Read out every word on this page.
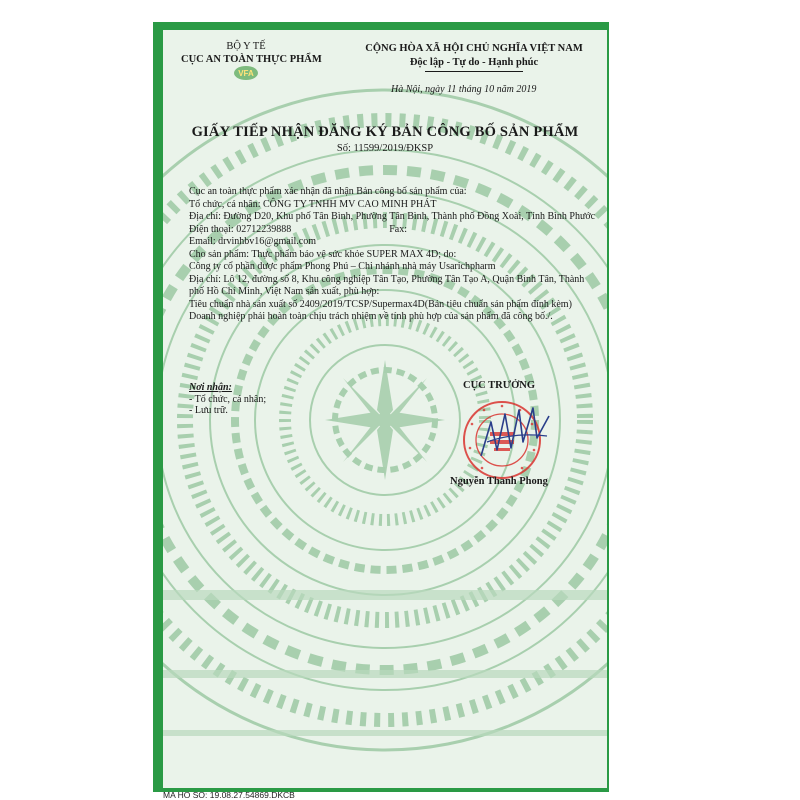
BỘ Y TẾ
CỤC AN TOÀN THỰC PHẨM
VFA
CỘNG HÒA XÃ HỘI CHỦ NGHĨA VIỆT NAM
Độc lập - Tự do - Hạnh phúc
Hà Nội, ngày 11 tháng 10 năm 2019
GIẤY TIẾP NHẬN ĐĂNG KÝ BẢN CÔNG BỐ SẢN PHẨM
Số: 11599/2019/ĐKSP

Cục an toàn thực phẩm xác nhận đã nhận Bản công bố sản phẩm của:

Tổ chức, cá nhân: CÔNG TY TNHH MV CAO MINH PHÁT

Địa chỉ: Đường D20, Khu phố Tân Bình, Phường Tân Bình, Thành phố Đồng Xoài, Tỉnh Bình Phước

Điện thoại: 02712239888	Fax:

Email: drvinhbv16@gmail.com

Cho sản phẩm: Thực phẩm bảo vệ sức khỏe SUPER MAX 4D; do:

Công ty cổ phần dược phẩm Phong Phú – Chi nhánh nhà máy Usarichpharm

Địa chỉ: Lô 12, đường số 8, Khu công nghiệp Tân Tạo, Phường Tân Tạo A, Quận Bình Tân, Thành phố Hồ Chí Minh, Việt Nam sản xuất, phù hợp:

Tiêu chuẩn nhà sản xuất số 2409/2019/TCSP/Supermax4D(Bản tiêu chuẩn sản phẩm đính kèm)

Doanh nghiệp phải hoàn toàn chịu trách nhiệm về tính phù hợp của sản phẩm đã công bố./.

Nơi nhận:
- Tổ chức, cá nhân;
- Lưu trữ.
CỤC TRƯỞNG
Nguyễn Thanh Phong
MA HO SO: 19.08.27.54869.DKCB
